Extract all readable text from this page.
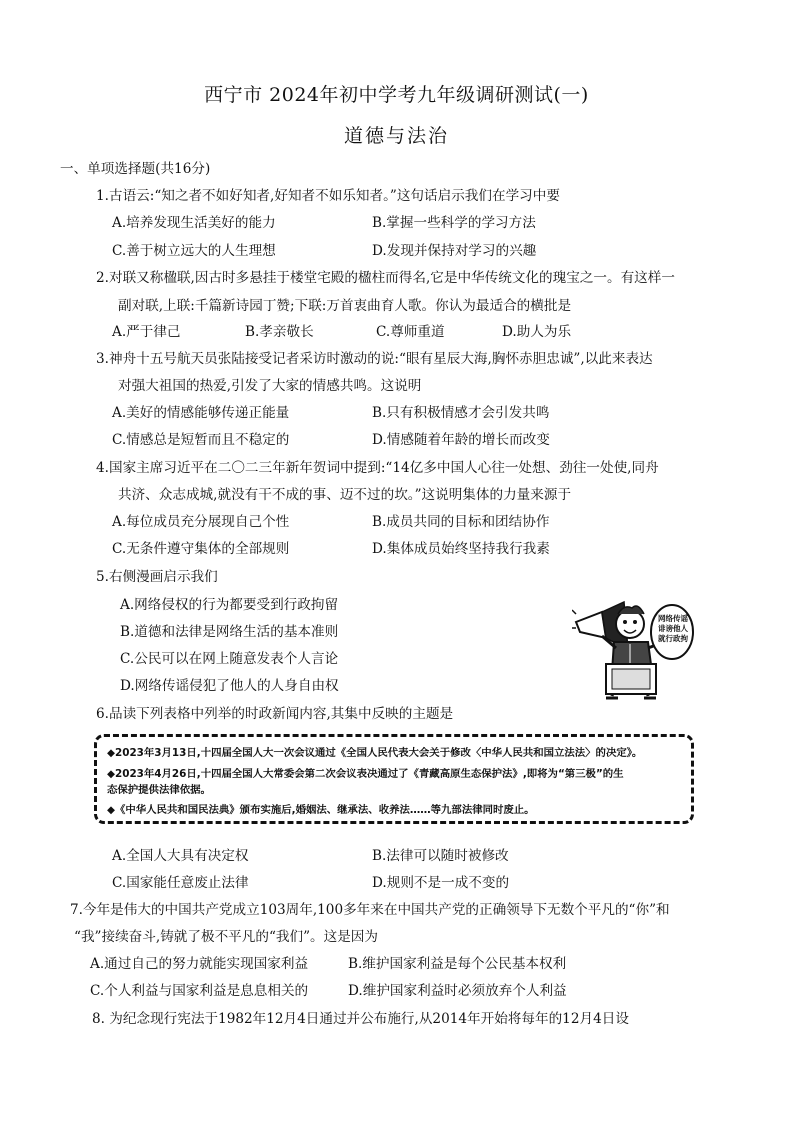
西宁市 2024年初中学考九年级调研测试(一)
道德与法治
一、单项选择题(共16分)
1.古语云:“知之者不如好知者,好知者不如乐知者。”这句话启示我们在学习中要
A.培养发现生活美好的能力	B.掌握一些科学的学习方法
C.善于树立远大的人生理想	D.发现并保持对学习的兴趣
2.对联又称楹联,因古时多悬挂于楼堂宅殿的楹柱而得名,它是中华传统文化的瑰宝之一。有这样一
副对联,上联:千篇新诗园丁赞;下联:万首衷曲育人歌。你认为最适合的横批是
A.严于律己	B.孝亲敬长	C.尊师重道	D.助人为乐
3.神舟十五号航天员张陆接受记者采访时激动的说:“眼有星辰大海,胸怀赤胆忠诚”,以此来表达
对强大祖国的热爱,引发了大家的情感共鸣。这说明
A.美好的情感能够传递正能量	B.只有积极情感才会引发共鸣
C.情感总是短暂而且不稳定的	D.情感随着年龄的增长而改变
4.国家主席习近平在二〇二三年新年贺词中提到:“14亿多中国人心往一处想、劲往一处使,同舟
共济、众志成城,就没有干不成的事、迈不过的坎。”这说明集体的力量来源于
A.每位成员充分展现自己个性	B.成员共同的目标和团结协作
C.无条件遵守集体的全部规则	D.集体成员始终坚持我行我素
5.右侧漫画启示我们
A.网络侵权的行为都要受到行政拘留
B.道德和法律是网络生活的基本准则
C.公民可以在网上随意发表个人言论
D.网络传谣侵犯了他人的人身自由权
网络传谣
诽谤他人
就行政拘
6.品读下列表格中列举的时政新闻内容,其集中反映的主题是

◆2023年3月13日,十四届全国人大一次会议通过《全国人民代表大会关于修改〈中华人民共和国立法法〉的决定》。

◆2023年4月26日,十四届全国人大常委会第二次会议表决通过了《青藏高原生态保护法》,即将为“第三极”的生

态保护提供法律依据。

◆《中华人民共和国民法典》颁布实施后,婚姻法、继承法、收养法……等九部法律同时废止。

A.全国人大具有决定权	B.法律可以随时被修改
C.国家能任意废止法律	D.规则不是一成不变的
7.今年是伟大的中国共产党成立103周年,100多年来在中国共产党的正确领导下无数个平凡的“你”和
“我”接续奋斗,铸就了极不平凡的“我们”。这是因为
A.通过自己的努力就能实现国家利益	B.维护国家利益是每个公民基本权利
C.个人利益与国家利益是息息相关的	D.维护国家利益时必须放弃个人利益
8. 为纪念现行宪法于1982年12月4日通过并公布施行,从2014年开始将每年的12月4日设
